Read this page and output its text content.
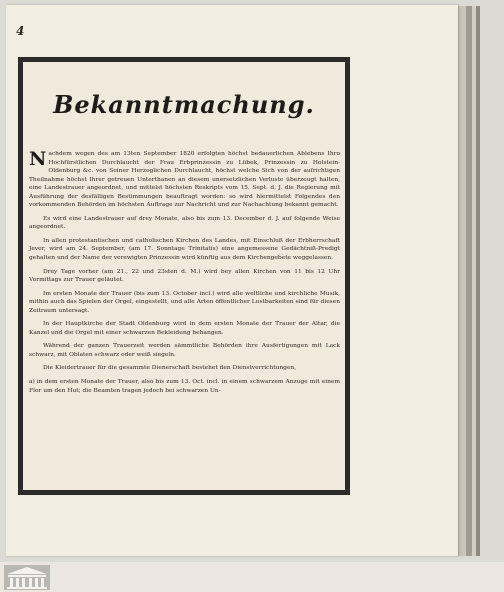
4
Bekanntmachung.

Nachdem wegen des am 13ten September 1820 erfolgten höchst bedauerlichen Ablebens Ihro Hochfürstlichen Durchlaucht der Frau Erbprinzessin zu Lübek, Prinzessin zu Holstein-Oldenburg &c. von Seiner Herzoglichen Durchlaucht, höchst welche Sich von der aufrichtigen Theilnahme höchst Ihrer getreuen Unterthanen an diesem unersetzlichen Verluste überzeugt halten, eine Landestrauer angeordnet, und mittelst höchsten Reskripts vom 15. Sept. d. J. die Regierung mit Ausführung der desfälligen Bestimmungen beauftragt worden: so wird hiermittelst Folgendes den vorkommenden Behörden im höchsten Auftrage zur Nachricht und zur Nachachtung bekannt gemacht.

Es wird eine Landestrauer auf drey Monate, also bis zum 13. December d. J. auf folgende Weise angeordnet.

In allen protestantischen und catholischen Kirchen des Landes, mit Einschluß der Erbherrschaft Jever, wird am 24. September, (am 17. Sonntage Trinitatis) eine angemessene Gedächtniß-Predigt gehalten und der Name der verewigten Prinzessin wird künftig aus dem Kirchengebete weggelassen.

Drey Tage vorher (am 21., 22 und 23sten d. M.) wird bey allen Kirchen von 11 bis 12 Uhr Vormittags zur Trauer geläutet.

Im ersten Monate der Trauer (bis zum 13. October incl.) wird alle weltliche und kirchliche Musik, mithin auch das Spielen der Orgel, eingestellt, und alle Arten öffentlicher Lustbarkeiten sind für diesen Zeitraum untersagt.

In der Hauptkirche der Stadt Oldenburg wird in dem ersten Monate der Trauer der Altar, die Kanzel und die Orgel mit einer schwarzen Bekleidung behangen.

Während der ganzen Trauerzeit werden sämmtliche Behörden ihre Ausfertigungen mit Lack schwarz, mit Oblaten schwarz oder weiß siegeln.

Die Kleidertrauer für die gesammte Dienerschaft bestehet den Dienstverrichtungen,

a) in dem ersten Monate der Trauer, also bis zum 13. Oct. incl. in einem schwarzem Anzuge mit einem Flor um den Hut; die Beamten tragen jedoch bei schwarzen Un-
